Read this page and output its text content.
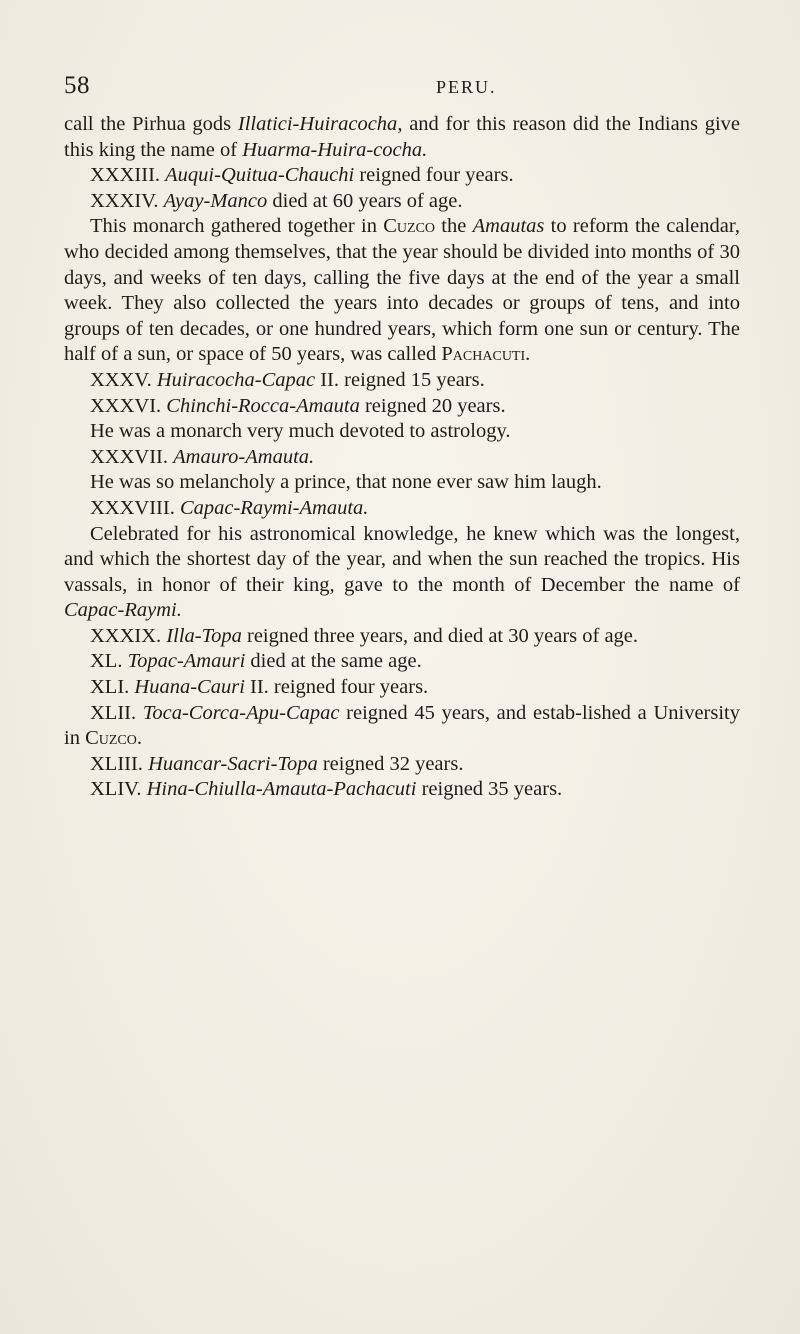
58	PERU.

call the Pirhua gods Illatici-Huiracocha, and for this reason did the Indians give this king the name of Huarma-Huira-cocha.

XXXIII. Auqui-Quitua-Chauchi reigned four years.

XXXIV. Ayay-Manco died at 60 years of age.

This monarch gathered together in Cuzco the Amautas to reform the calendar, who decided among themselves, that the year should be divided into months of 30 days, and weeks of ten days, calling the five days at the end of the year a small week. They also collected the years into decades or groups of tens, and into groups of ten decades, or one hundred years, which form one sun or century. The half of a sun, or space of 50 years, was called Pachacuti.

XXXV. Huiracocha-Capac II. reigned 15 years.

XXXVI. Chinchi-Rocca-Amauta reigned 20 years.

He was a monarch very much devoted to astrology.

XXXVII. Amauro-Amauta.

He was so melancholy a prince, that none ever saw him laugh.

XXXVIII. Capac-Raymi-Amauta.

Celebrated for his astronomical knowledge, he knew which was the longest, and which the shortest day of the year, and when the sun reached the tropics. His vassals, in honor of their king, gave to the month of December the name of Capac-Raymi.

XXXIX. Illa-Topa reigned three years, and died at 30 years of age.

XL. Topac-Amauri died at the same age.

XLI. Huana-Cauri II. reigned four years.

XLII. Toca-Corca-Apu-Capac reigned 45 years, and estab-lished a University in Cuzco.

XLIII. Huancar-Sacri-Topa reigned 32 years.

XLIV. Hina-Chiulla-Amauta-Pachacuti reigned 35 years.
